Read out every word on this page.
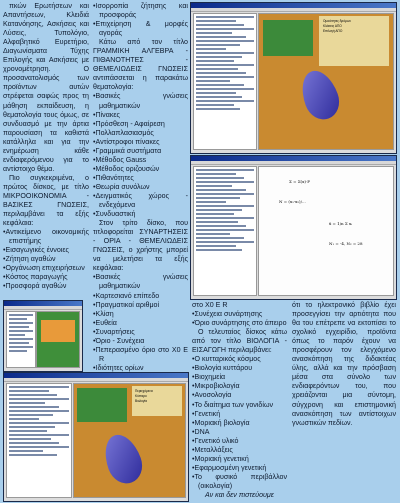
πκών Ερωτήσεων και Απαντήσεων, Κλειδιά Κατανόησης, Ασκήσεις και Λύσεις, Τυπολόγιο, Αλφαβητικό Ευρετήριο, Διαγωνίσματα Τύχης Επιλογής και Ασκήσεις με χρονομέτρηση. Ο προσανατολισμός των προϊόντων αυτών στρέφεται σαφώς προς τη μάθηση εκπαίδευση, η θεματολογία τους όμως, σε συνδυασμό με την άρτια παρουσίαση τα καθιστά κατάλληλα και για την ενημέρωση κάθε ενδιαφερόμενου για το αντίστοιχο θέμα.

Πιο συγκεκριμένα, ο πρώτος δίσκος, με τίτλο ΜΙΚΡΟΟΙΚΟΝΟΜΙΑ - ΒΑΣΙΚΕΣ ΓΝΩΣΕΙΣ, περιλαμβάνει τα εξής κεφάλαια:

• Αντικείμενο οικονομικής επιστήμης

• Εισαγωγικές έννοιες

• Ζήτηση αγαθών

• Οργάνωση επιχειρήσεων

• Κόστος παραγωγής

• Προσφορά αγαθών

• Ισορροπία ζήτησης και προσφοράς

• Επιχείρηση & μορφές αγοράς

Κάτω από τον τίτλο ΓΡΑΜΜΙΚΗ ΑΛΓΕΒΡΑ - ΠΙΘΑΝΟΤΗΤΕΣ - ΘΕΜΕΛΙΩΔΕΙΣ ΓΝΩΣΕΙΣ αντιπάσσεται η παρακάτω θεματολογία:

• Βασικές γνώσεις μαθηματικών

• Πίνακες

• Πρόσθεση - Αφαίρεση

• Πολλαπλασιασμός

• Αντίστροφοι πίνακες

• Γραμμικά συστήματα

• Μέθοδος Gauss

• Μέθοδος οριζουσών

• Πιθανότητες

• Θεωρία συνόλων

• Δειγματικός χώρος - ενδεχόμενα

• Συνδυαστική

Στον τρίτο δίσκο, που τιτλοφορείται ΣΥΝΑΡΤΗΣΕΙΣ - ΟΡΙΑ - ΘΕΜΕΛΙΩΔΕΙΣ ΓΝΩΣΕΙΣ, ο χρήστης μπορεί να μελετήσει τα εξής κεφάλαια:

• Βασικές γνώσεις μαθηματικών

• Καρτεσιανό επίπεδο

• Πραγματικοί αριθμοί

• Κλίση

• Ευθεία

• Συναρτήσεις

• Όριο - Συνέχεια

• Πεπερασμένο όριο στο Χ0 Ε R

• Ιδιότητες ορίων

•

στο Χ0 Ε R

• Συνέχεια συνάρτησης

• Όριο συνάρτησης στο άπειρο

Ο τελευταίος δίσκος κάτω από τον τίτλο ΒΙΟΛΟΓΙΑ - ΕΙΣΑΓΩΓΗ περιλαμβάνει:

• Ο κυτταρικός κόσμος

• Βιολογία κυττάρου

• Βιοχημεία

• Μικροβιολογία

• Ανοσολογία

• Το διαίτημα των γονιδίων

• Γενετική

• Μοριακή βιολογία

• DNA

• Γενετικό υλικό

• Μεταλλάξεις

• Μοριακή γενετική

• Εφαρμοσμένη γενετική

• Το φυσικό περιβάλλον (οικολογία)

Αν και δεν πιστεύουμε

ότι το ηλεκτρονικό βιβλίο έχει προσεγγίσει την αρτιότητα που θα του επέτρεπε να εκτοπίσει το σχολικό εγχειρίδιο, προϊόντα όπως το παρόν έχουν να προσφέρουν τον ελεγχόμενο ανασκόπηση της διδακτέας ύλης, αλλά και την πρόσβαση μέσα στα σύνολο των ενδιαφερόντων του, που χρειάζονται μια σύντομη, σύγχρονη και επιστημονική ανασκόπηση των αντίστοιχων γνωστικών πεδίων.

Ομοιότητες δρόμων
Κλάσεις ΑΠΟ
Επιλογή ΑΠΟ
Σ = Σ(x)·P
N = (x₁-x₂)/...
x̄ = 1/n Σ xᵢ
N₁ = -4, N₂ = 28
Περιεχόμενα
Κύτταρο
Βιολογία
